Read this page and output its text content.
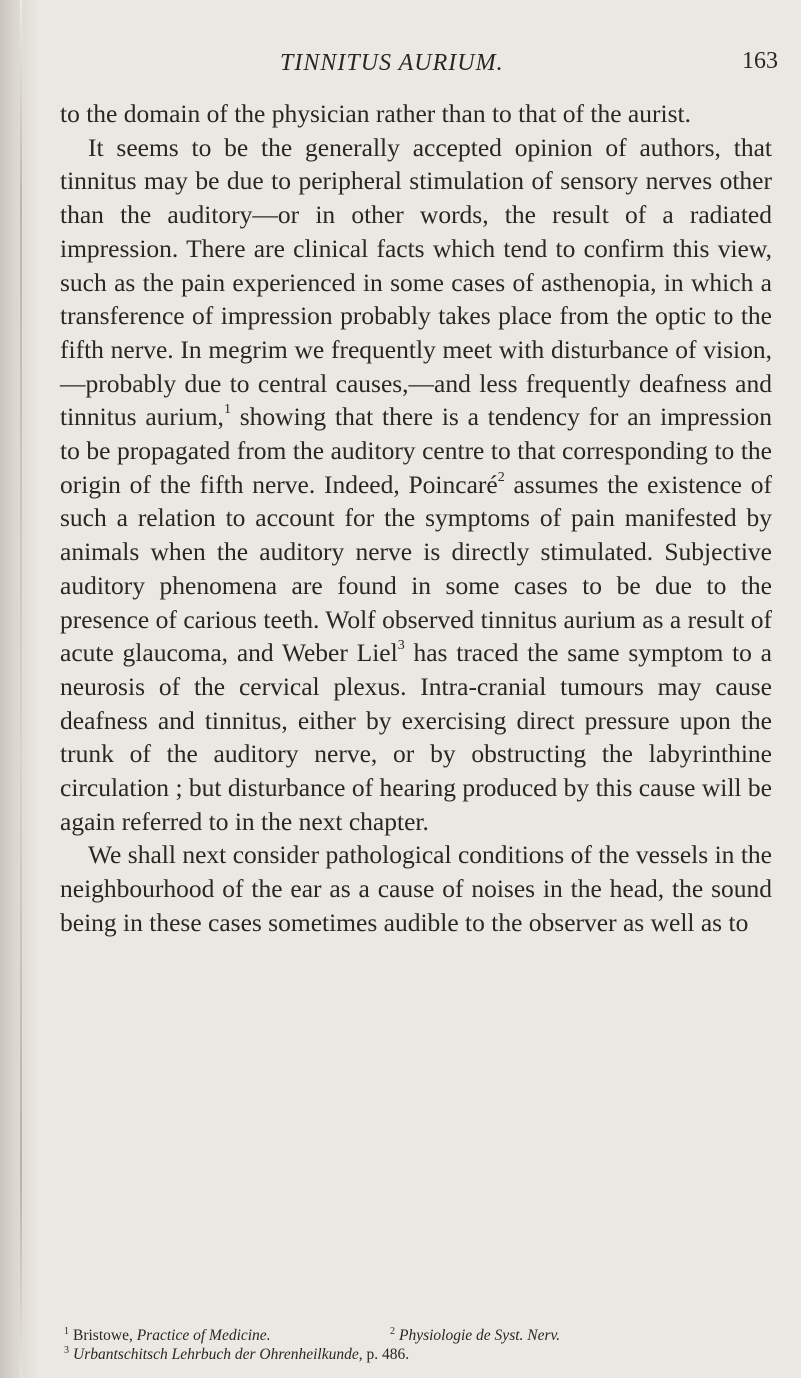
TINNITUS AURIUM.	163

to the domain of the physician rather than to that of the aurist.

It seems to be the generally accepted opinion of authors, that tinnitus may be due to peripheral stimulation of sensory nerves other than the auditory—or in other words, the result of a radiated impression. There are clinical facts which tend to confirm this view, such as the pain experienced in some cases of asthenopia, in which a transference of impression probably takes place from the optic to the fifth nerve. In megrim we frequently meet with disturbance of vision,—probably due to central causes,—and less frequently deafness and tinnitus aurium,$^1$ showing that there is a tendency for an impression to be propagated from the auditory centre to that corresponding to the origin of the fifth nerve. Indeed, Poincaré$^2$ assumes the existence of such a relation to account for the symptoms of pain manifested by animals when the auditory nerve is directly stimulated. Subjective auditory phenomena are found in some cases to be due to the presence of carious teeth. Wolf observed tinnitus aurium as a result of acute glaucoma, and Weber Liel$^3$ has traced the same symptom to a neurosis of the cervical plexus. Intra-cranial tumours may cause deafness and tinnitus, either by exercising direct pressure upon the trunk of the auditory nerve, or by obstructing the labyrinthine circulation ; but disturbance of hearing produced by this cause will be again referred to in the next chapter.

We shall next consider pathological conditions of the vessels in the neighbourhood of the ear as a cause of noises in the head, the sound being in these cases sometimes audible to the observer as well as to

$^1$ Bristowe, Practice of Medicine.	$^2$ Physiologie de Syst. Nerv.
$^3$ Urbantschitsch Lehrbuch der Ohrenheilkunde, p. 486.
